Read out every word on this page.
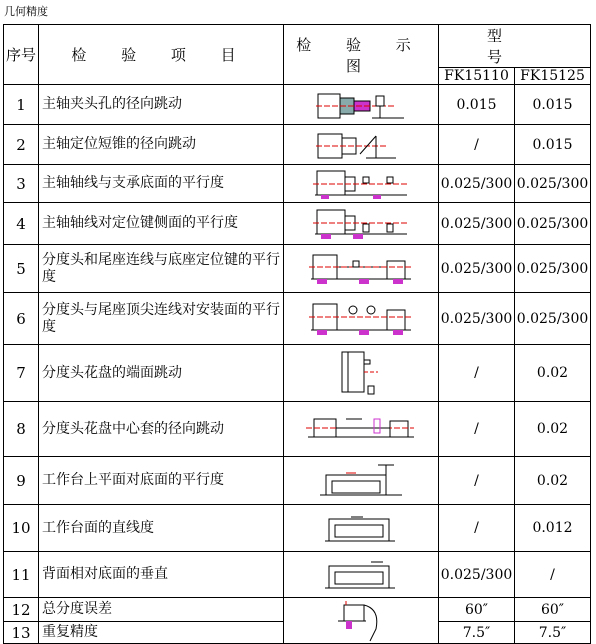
几何精度
序号	检 验 项 目	检 验 示 图	型 号	
			FK15110	FK15125
1	主轴夹头孔的径向跳动		0.015	0.015
2	主轴定位短锥的径向跳动		/	0.015
3	主轴轴线与支承底面的平行度		0.025/300	0.025/300
4	主轴轴线对定位键侧面的平行度		0.025/300	0.025/300
5	分度头和尾座连线与底座定位键的平行度		0.025/300	0.025/300
6	分度头与尾座顶尖连线对安装面的平行度		0.025/300	0.025/300
7	分度头花盘的端面跳动		/	0.02
8	分度头花盘中心套的径向跳动		/	0.02
9	工作台上平面对底面的平行度		/	0.02
10	工作台面的直线度		/	0.012
11	背面相对底面的垂直		0.025/300	/
12	总分度误差		60″	60″
13	重复精度		7.5″	7.5″
